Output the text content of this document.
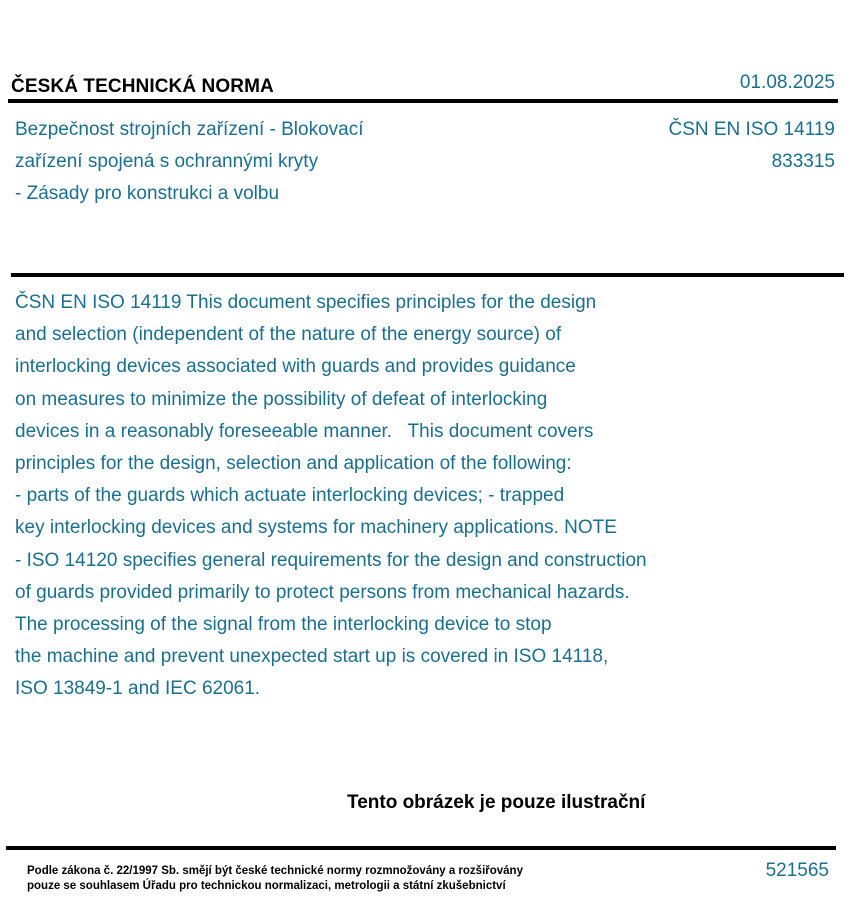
ČESKÁ TECHNICKÁ NORMA	01.08.2025
Bezpečnost strojních zařízení - Blokovací
zařízení spojená s ochrannými kryty
- Zásady pro konstrukci a volbu
ČSN EN ISO 14119
833315
ČSN EN ISO 14119 This document specifies principles for the design
and selection (independent of the nature of the energy source) of
interlocking devices associated with guards and provides guidance
on measures to minimize the possibility of defeat of interlocking
devices in a reasonably foreseeable manner.   This document covers
principles for the design, selection and application of the following:
- parts of the guards which actuate interlocking devices; - trapped
key interlocking devices and systems for machinery applications. NOTE
- ISO 14120 specifies general requirements for the design and construction
of guards provided primarily to protect persons from mechanical hazards.
The processing of the signal from the interlocking device to stop
the machine and prevent unexpected start up is covered in ISO 14118,
ISO 13849-1 and IEC 62061.
Tento obrázek je pouze ilustrační
Podle zákona č. 22/1997 Sb. smějí být české technické normy rozmnožovány a rozšiřovány
pouze se souhlasem Úřadu pro technickou normalizaci, metrologii a státní zkušebnictví
521565
